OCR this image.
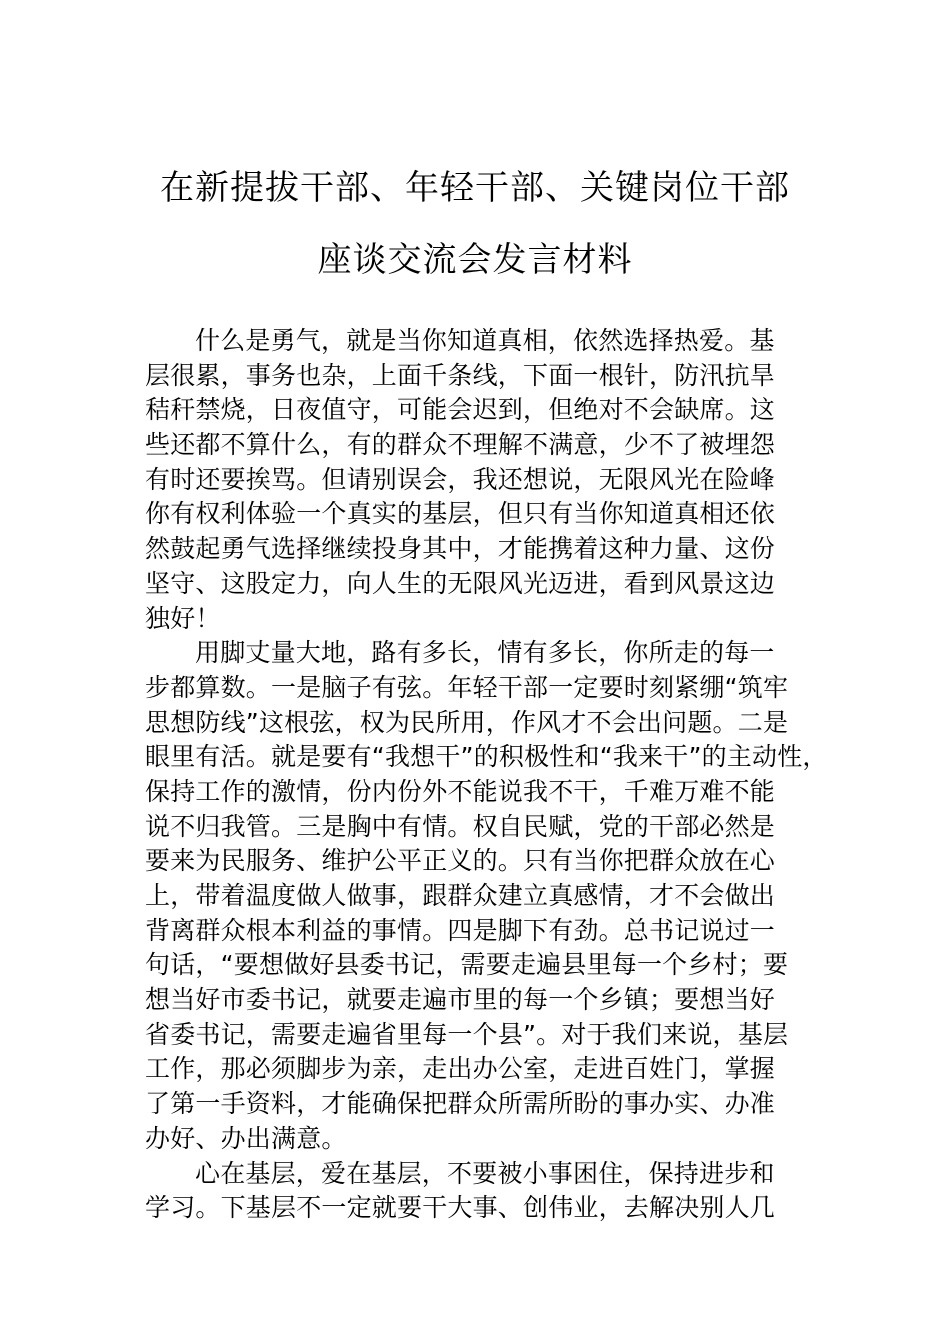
在新提拔干部、年轻干部、关键岗位干部
座谈交流会发言材料
什么是勇气，就是当你知道真相，依然选择热爱。基
层很累，事务也杂，上面千条线，下面一根针，防汛抗旱
秸秆禁烧，日夜值守，可能会迟到，但绝对不会缺席。这
些还都不算什么，有的群众不理解不满意，少不了被埋怨
有时还要挨骂。但请别误会，我还想说，无限风光在险峰
你有权利体验一个真实的基层，但只有当你知道真相还依
然鼓起勇气选择继续投身其中，才能携着这种力量、这份
坚守、这股定力，向人生的无限风光迈进，看到风景这边
独好！
用脚丈量大地，路有多长，情有多长，你所走的每一
步都算数。一是脑子有弦。年轻干部一定要时刻紧绷“筑牢
思想防线”这根弦，权为民所用，作风才不会出问题。二是
眼里有活。就是要有“我想干”的积极性和“我来干”的主动性，
保持工作的激情，份内份外不能说我不干，千难万难不能
说不归我管。三是胸中有情。权自民赋，党的干部必然是
要来为民服务、维护公平正义的。只有当你把群众放在心
上，带着温度做人做事，跟群众建立真感情，才不会做出
背离群众根本利益的事情。四是脚下有劲。总书记说过一
句话，“要想做好县委书记，需要走遍县里每一个乡村；要
想当好市委书记，就要走遍市里的每一个乡镇；要想当好
省委书记，需要走遍省里每一个县”。对于我们来说，基层
工作，那必须脚步为亲，走出办公室，走进百姓门，掌握
了第一手资料，才能确保把群众所需所盼的事办实、办准
办好、办出满意。
心在基层，爱在基层，不要被小事困住，保持进步和
学习。下基层不一定就要干大事、创伟业，去解决别人几
